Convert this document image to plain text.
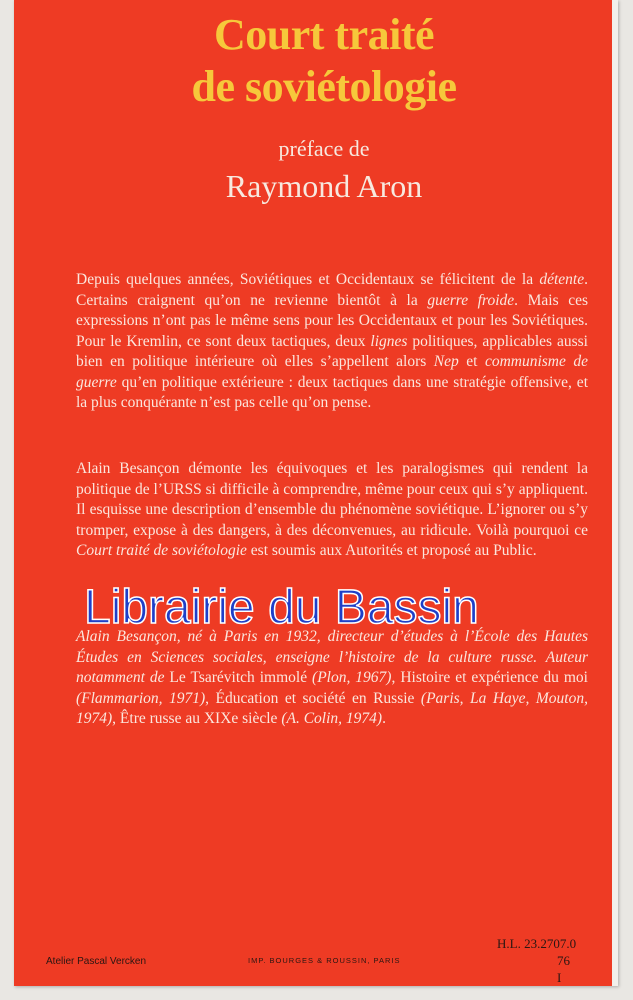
Court traité
de soviétologie
préface de
Raymond Aron

Depuis quelques années, Soviétiques et Occidentaux se félicitent de la détente. Certains craignent qu’on ne revienne bientôt à la guerre froide. Mais ces expressions n’ont pas le même sens pour les Occidentaux et pour les Soviétiques. Pour le Kremlin, ce sont deux tactiques, deux lignes politiques, applicables aussi bien en politique intérieure où elles s’appellent alors Nep et communisme de guerre qu’en politique extérieure : deux tactiques dans une stratégie offensive, et la plus conquérante n’est pas celle qu’on pense.

Alain Besançon démonte les équivoques et les paralogismes qui rendent la politique de l’URSS si difficile à comprendre, même pour ceux qui s’y appliquent. Il esquisse une description d’ensemble du phénomène soviétique. L’ignorer ou s’y tromper, expose à des dangers, à des déconvenues, au ridicule. Voilà pourquoi ce Court traité de soviétologie est soumis aux Autorités et proposé au Public.

Alain Besançon, né à Paris en 1932, directeur d’études à l’École des Hautes Études en Sciences sociales, enseigne l’histoire de la culture russe. Auteur notamment de Le Tsarévitch immolé (Plon, 1967), Histoire et expérience du moi (Flammarion, 1971), Éducation et société en Russie (Paris, La Haye, Mouton, 1974), Être russe au XIXe siècle (A. Colin, 1974).

Librairie du Bassin
Atelier Pascal Vercken	IMP. BOURGES & ROUSSIN, PARIS
H.L. 23.2707.0
76 I
